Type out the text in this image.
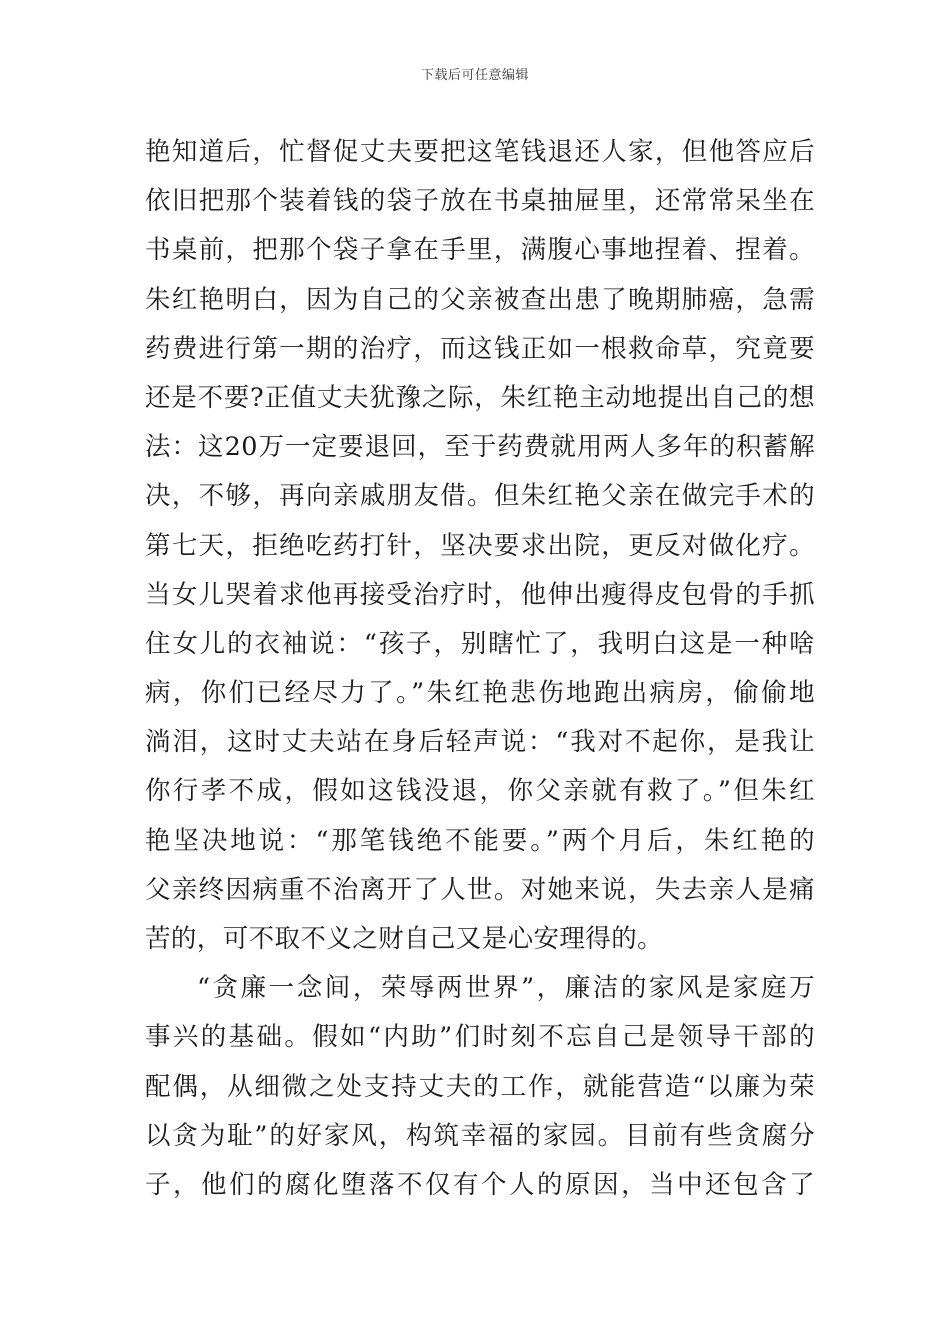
下载后可任意编辑
艳知道后，忙督促丈夫要把这笔钱退还人家，但他答应后
依旧把那个装着钱的袋子放在书桌抽屉里，还常常呆坐在
书桌前，把那个袋子拿在手里，满腹心事地捏着、捏着。
朱红艳明白，因为自己的父亲被查出患了晚期肺癌，急需
药费进行第一期的治疗，而这钱正如一根救命草，究竟要
还是不要?正值丈夫犹豫之际，朱红艳主动地提出自己的想
法：这20万一定要退回，至于药费就用两人多年的积蓄解
决，不够，再向亲戚朋友借。但朱红艳父亲在做完手术的
第七天，拒绝吃药打针，坚决要求出院，更反对做化疗。
当女儿哭着求他再接受治疗时，他伸出瘦得皮包骨的手抓
住女儿的衣袖说：“孩子，别瞎忙了，我明白这是一种啥
病，你们已经尽力了。”朱红艳悲伤地跑出病房，偷偷地
淌泪，这时丈夫站在身后轻声说：“我对不起你，是我让
你行孝不成，假如这钱没退，你父亲就有救了。”但朱红
艳坚决地说：“那笔钱绝不能要。”两个月后，朱红艳的
父亲终因病重不治离开了人世。对她来说，失去亲人是痛
苦的，可不取不义之财自己又是心安理得的。
“贪廉一念间，荣辱两世界”，廉洁的家风是家庭万
事兴的基础。假如“内助”们时刻不忘自己是领导干部的
配偶，从细微之处支持丈夫的工作，就能营造“以廉为荣
以贪为耻”的好家风，构筑幸福的家园。目前有些贪腐分
子，他们的腐化堕落不仅有个人的原因，当中还包含了
